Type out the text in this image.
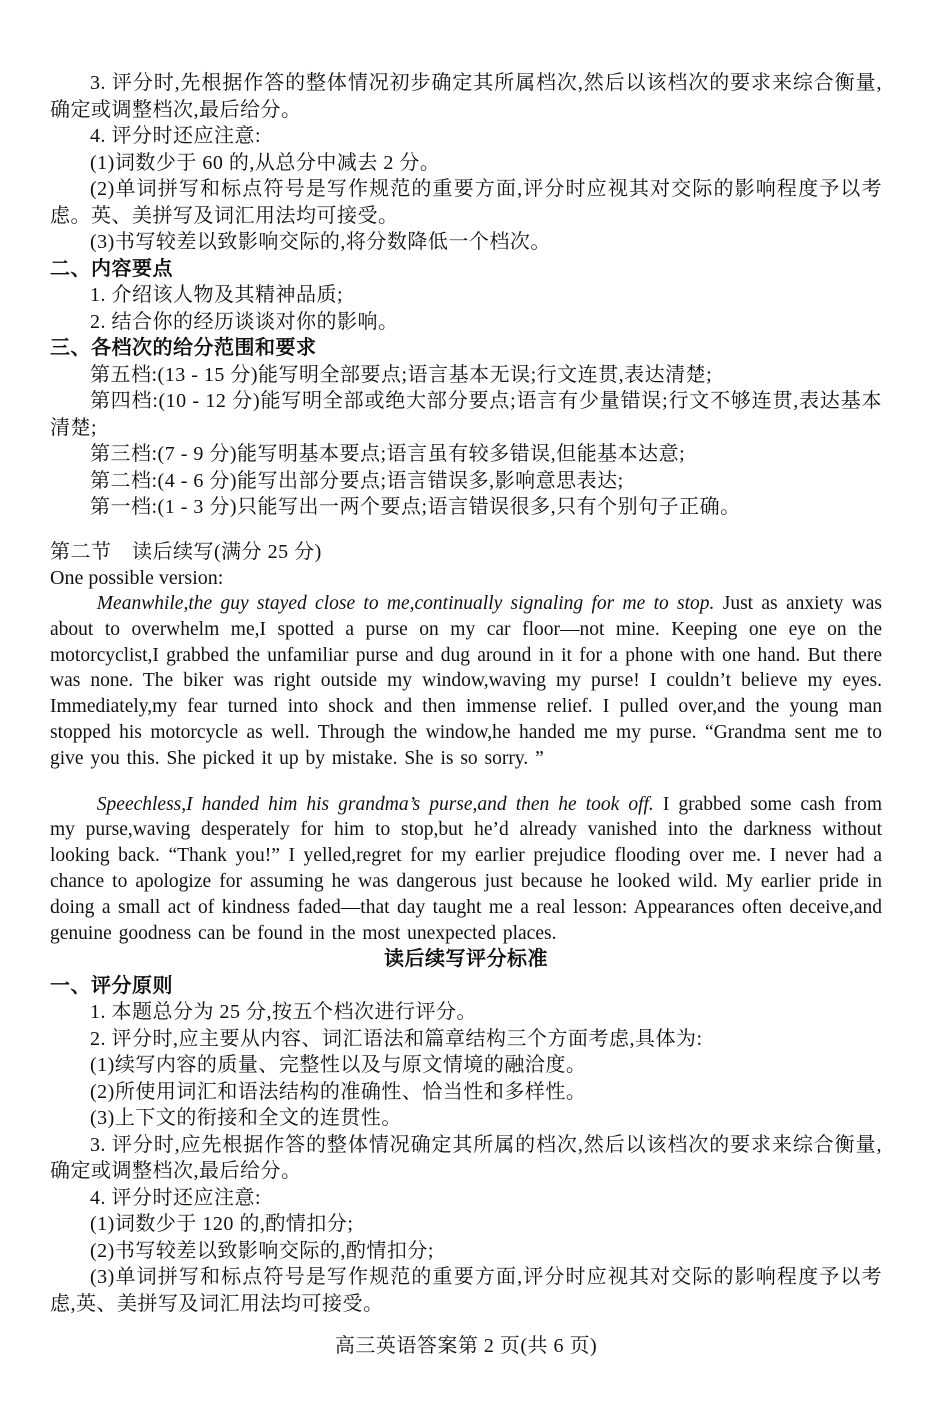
3. 评分时,先根据作答的整体情况初步确定其所属档次,然后以该档次的要求来综合衡量,确定或调整档次,最后给分。

4. 评分时还应注意:

(1)词数少于 60 的,从总分中减去 2 分。

(2)单词拼写和标点符号是写作规范的重要方面,评分时应视其对交际的影响程度予以考虑。英、美拼写及词汇用法均可接受。

(3)书写较差以致影响交际的,将分数降低一个档次。

二、内容要点

1. 介绍该人物及其精神品质;

2. 结合你的经历谈谈对你的影响。

三、各档次的给分范围和要求

第五档:(13 - 15 分)能写明全部要点;语言基本无误;行文连贯,表达清楚;

第四档:(10 - 12 分)能写明全部或绝大部分要点;语言有少量错误;行文不够连贯,表达基本清楚;

第三档:(7 - 9 分)能写明基本要点;语言虽有较多错误,但能基本达意;

第二档:(4 - 6 分)能写出部分要点;语言错误多,影响意思表达;

第一档:(1 - 3 分)只能写出一两个要点;语言错误很多,只有个别句子正确。

第二节　读后续写(满分 25 分)

One possible version:

Meanwhile,the guy stayed close to me,continually signaling for me to stop. Just as anxiety was about to overwhelm me,I spotted a purse on my car floor—not mine. Keeping one eye on the motorcyclist,I grabbed the unfamiliar purse and dug around in it for a phone with one hand. But there was none. The biker was right outside my window,waving my purse! I couldn’t believe my eyes. Immediately,my fear turned into shock and then immense relief. I pulled over,and the young man stopped his motorcycle as well. Through the window,he handed me my purse. “Grandma sent me to give you this. She picked it up by mistake. She is so sorry. ”

Speechless,I handed him his grandma’s purse,and then he took off. I grabbed some cash from my purse,waving desperately for him to stop,but he’d already vanished into the darkness without looking back. “Thank you!” I yelled,regret for my earlier prejudice flooding over me. I never had a chance to apologize for assuming he was dangerous just because he looked wild. My earlier pride in doing a small act of kindness faded—that day taught me a real lesson: Appearances often deceive,and genuine goodness can be found in the most unexpected places.

读后续写评分标准

一、评分原则

1. 本题总分为 25 分,按五个档次进行评分。

2. 评分时,应主要从内容、词汇语法和篇章结构三个方面考虑,具体为:

(1)续写内容的质量、完整性以及与原文情境的融洽度。

(2)所使用词汇和语法结构的准确性、恰当性和多样性。

(3)上下文的衔接和全文的连贯性。

3. 评分时,应先根据作答的整体情况确定其所属的档次,然后以该档次的要求来综合衡量,确定或调整档次,最后给分。

4. 评分时还应注意:

(1)词数少于 120 的,酌情扣分;

(2)书写较差以致影响交际的,酌情扣分;

(3)单词拼写和标点符号是写作规范的重要方面,评分时应视其对交际的影响程度予以考虑,英、美拼写及词汇用法均可接受。

高三英语答案第 2 页(共 6 页)
